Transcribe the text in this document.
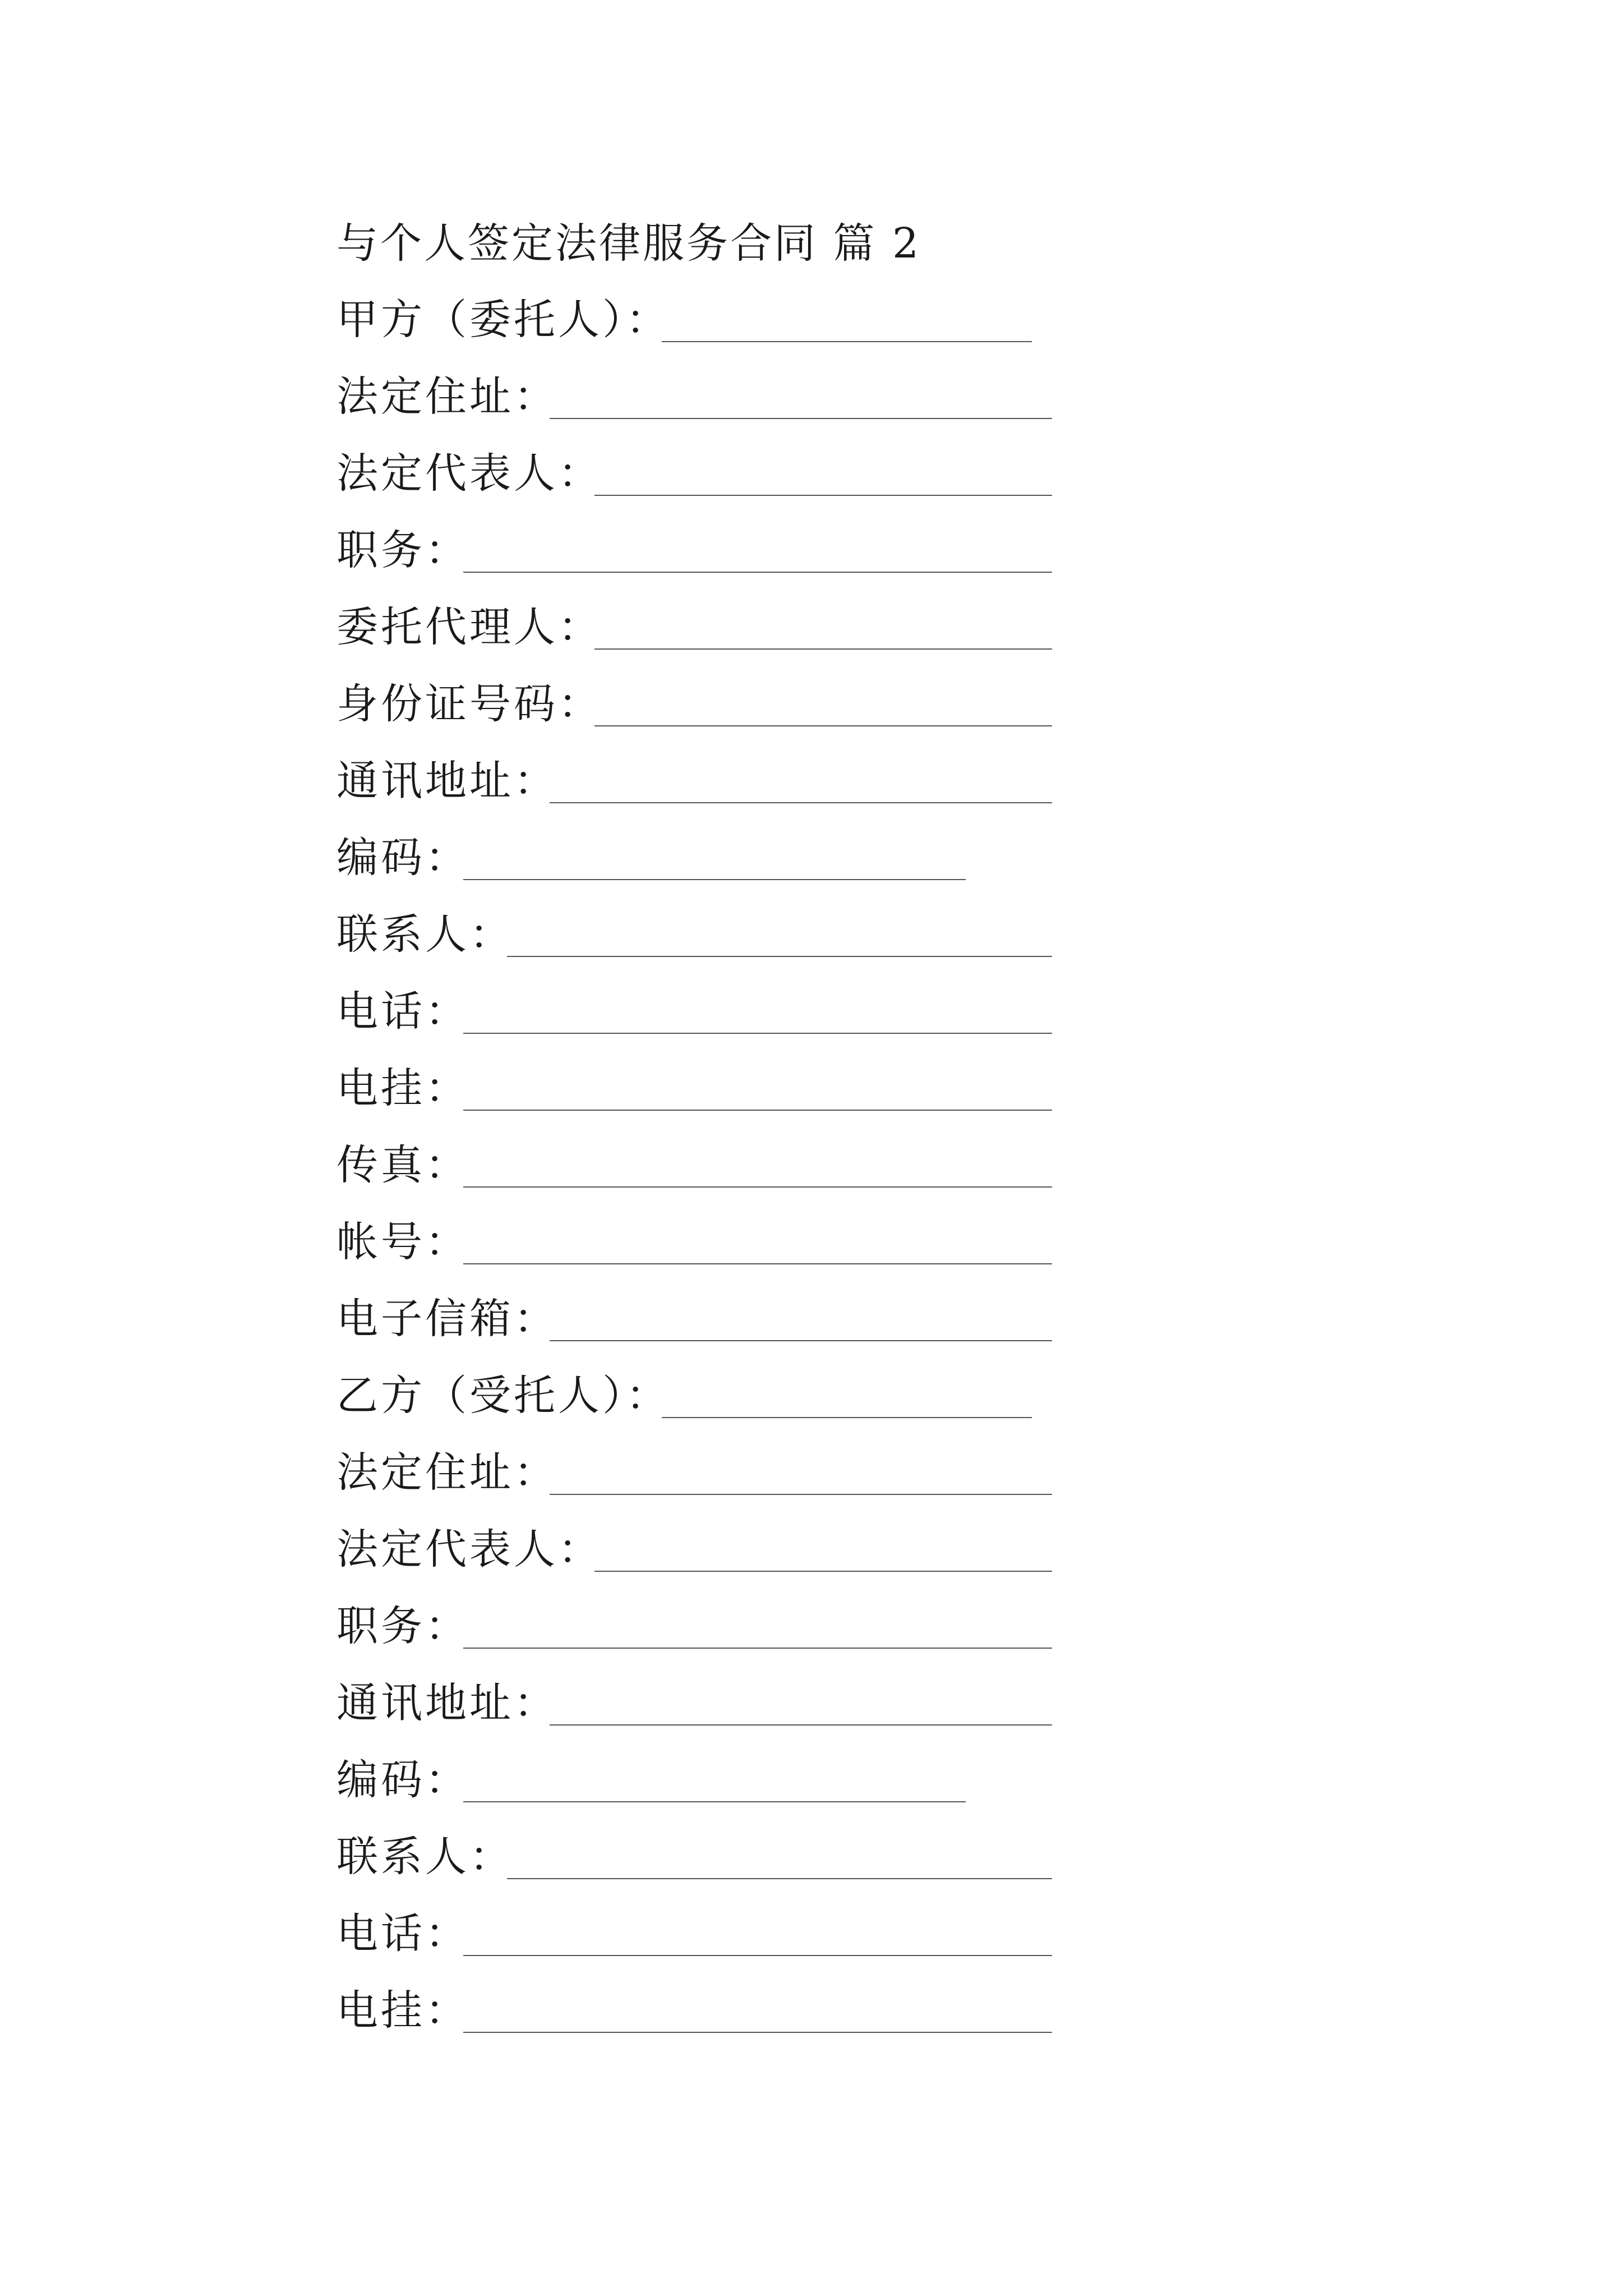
与个人签定法律服务合同 篇 2
甲方（委托人）：
法定住址：
法定代表人：
职务：
委托代理人：
身份证号码：
通讯地址：
编码：
联系人：
电话：
电挂：
传真：
帐号：
电子信箱：
乙方（受托人）：
法定住址：
法定代表人：
职务：
通讯地址：
编码：
联系人：
电话：
电挂：
